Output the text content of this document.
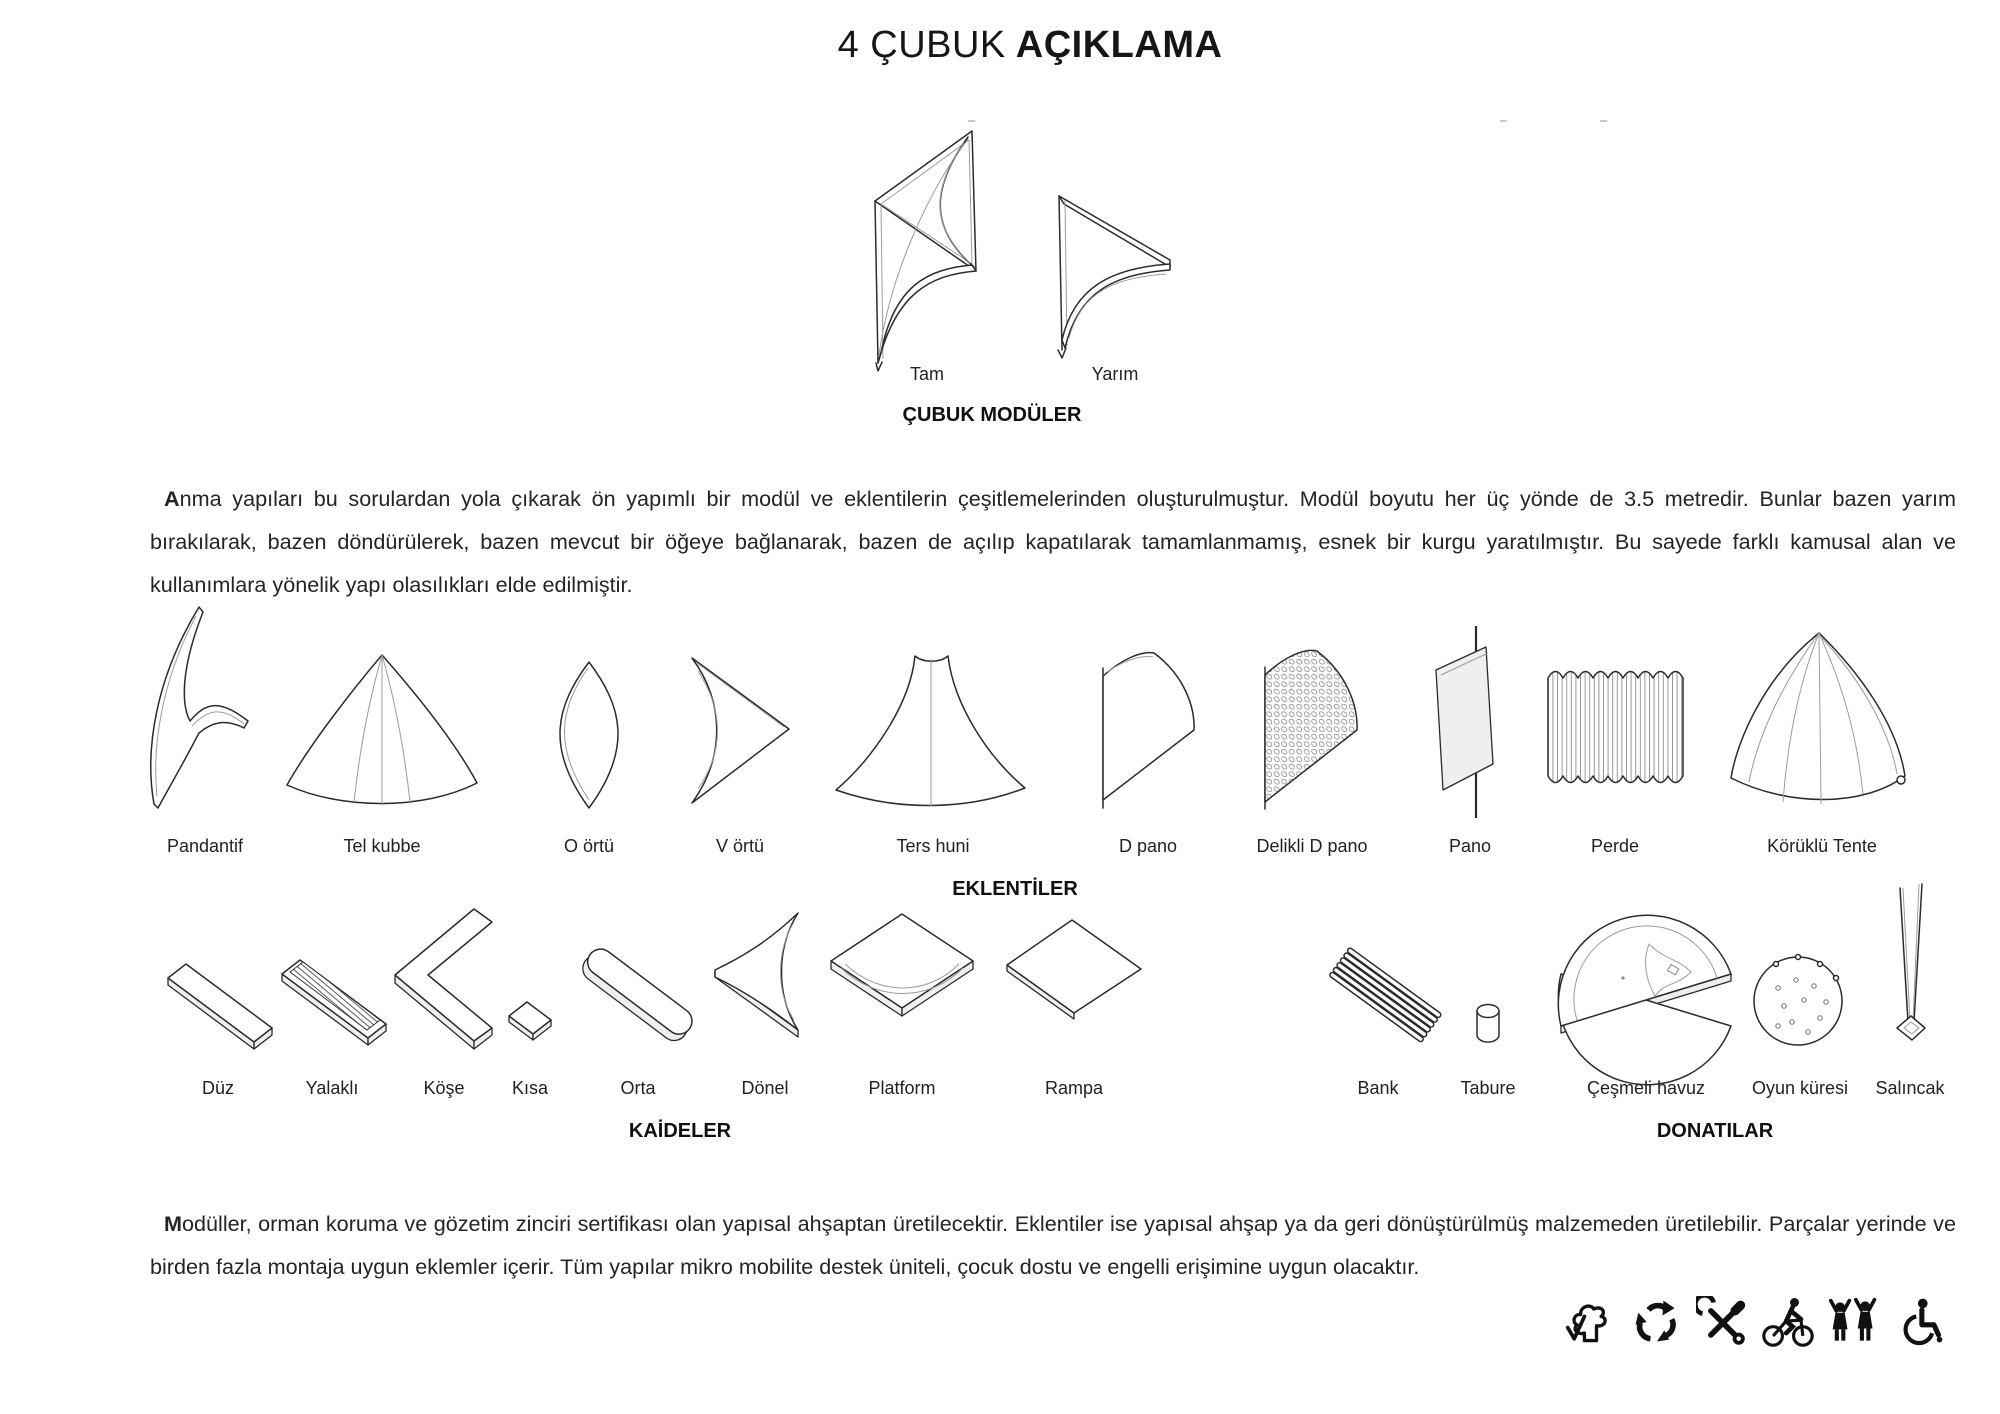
4 ÇUBUK AÇIKLAMA
Tam	Yarım
ÇUBUK MODÜLER

Anma yapıları bu sorulardan yola çıkarak ön yapımlı bir modül ve eklentilerin çeşitlemelerinden oluşturulmuştur. Modül boyutu her üç yönde de 3.5 metredir. Bunlar bazen yarım bırakılarak, bazen döndürülerek, bazen mevcut bir öğeye bağlanarak, bazen de açılıp kapatılarak tamamlanmamış, esnek bir kurgu yaratılmıştır. Bu sayede farklı kamusal alan ve kullanımlara yönelik yapı olasılıkları elde edilmiştir.

Pandantif	Tel kubbe	O örtü	V örtü	Ters huni	D pano	Delikli D pano	Pano	Perde	Körüklü Tente
EKLENTİLER
Düz	Yalaklı	Köşe	Kısa	Orta	Dönel	Platform	Rampa
KAİDELER
Bank	Tabure	Çeşmeli havuz	Oyun küresi Salıncak
DONATILAR

Modüller, orman koruma ve gözetim zinciri sertifikası olan yapısal ahşaptan üretilecektir. Eklentiler ise yapısal ahşap ya da geri dönüştürülmüş malzemeden üretilebilir. Parçalar yerinde ve birden fazla montaja uygun eklemler içerir. Tüm yapılar mikro mobilite destek üniteli, çocuk dostu ve engelli erişimine uygun olacaktır.
